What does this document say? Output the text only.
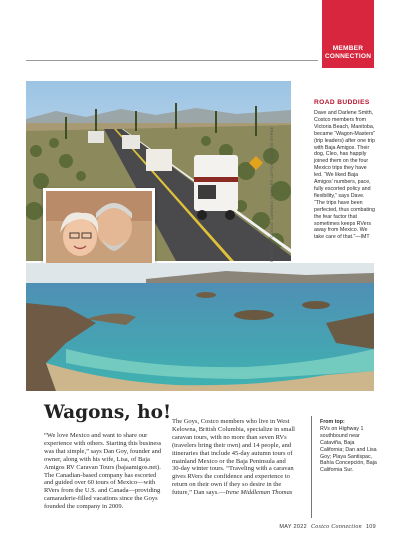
MEMBER
CONNECTION
FROM TOP: © DOUG CANNING; HEATHER LAYTON; GEORGE BYRNE
ROAD BUDDIES
Dave and Darlene Smith, Costco members from Victoria Beach, Manitoba, became “Wagon-Masters” (trip leaders) after one trip with Baja Amigos. Their dog, Cleo, has happily joined them on the four Mexico trips they have led. “We liked Baja Amigos’ numbers, pace, fully escorted policy and flexibility,” says Dave. “The trips have been perfected, thus combating the fear factor that sometimes keeps RVers away from Mexico. We take care of that.”—IMT
Wagons, ho!

“We love Mexico and want to share our experience with others. Starting this business was that simple,” says Dan Goy, founder and owner, along with his wife, Lisa, of Baja Amigos RV Caravan Tours (bajaamigos.net). The Canadian-based company has escorted and guided over 60 tours of Mexico—with RVers from the U.S. and Canada—providing camaraderie-filled vacations since the Goys founded the company in 2009.

The Goys, Costco members who live in West Kelowna, British Columbia, specialize in small caravan tours, with no more than seven RVs (travelers bring their own) and 14 people, and itineraries that include 45-day autumn tours of mainland Mexico or the Baja Peninsula and 30-day winter tours. “Traveling with a caravan gives RVers the confidence and experience to return on their own if they so desire in the future,” Dan says.—Irene Middleman Thomas

From top:
RVs on Highway 1 southbound near Cataviña, Baja California; Dan and Lisa Goy; Playa Santispac, Bahía Concepción, Baja California Sur.
MAY 2022 Costco Connection 109
